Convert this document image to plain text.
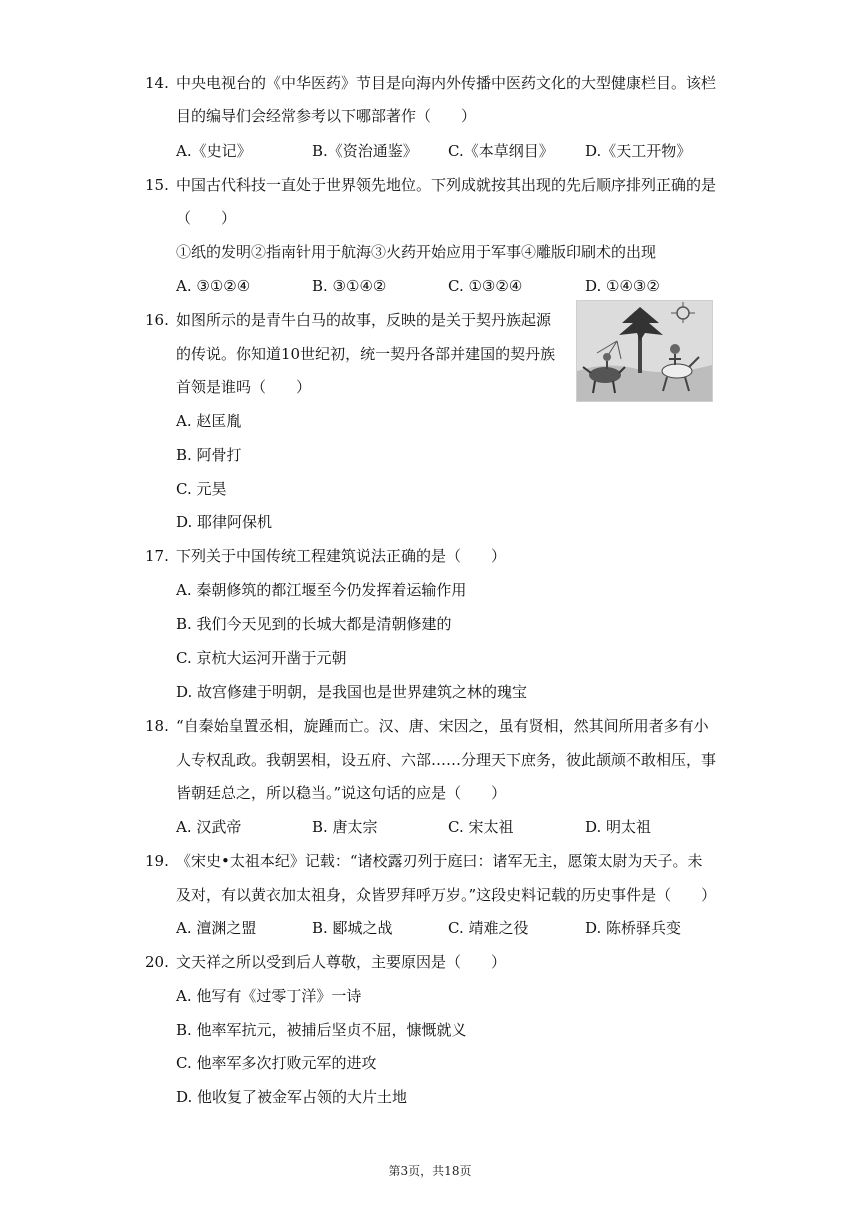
14. 中央电视台的《中华医药》节目是向海内外传播中医药文化的大型健康栏目。该栏
目的编导们会经常参考以下哪部著作（　　）
A.《史记》	B.《资治通鉴》 C.《本草纲目》 D.《天工开物》
15. 中国古代科技一直处于世界领先地位。下列成就按其出现的先后顺序排列正确的是
（　　）
①纸的发明②指南针用于航海③火药开始应用于军事④雕版印刷术的出现
A. ③①②④	B. ③①④②	C. ①③②④	D. ①④③②
16. 如图所示的是青牛白马的故事，反映的是关于契丹族起源
的传说。你知道10世纪初，统一契丹各部并建国的契丹族
首领是谁吗（　　）
A. 赵匡胤
B. 阿骨打
C. 元昊
D. 耶律阿保机
17. 下列关于中国传统工程建筑说法正确的是（　　）
A. 秦朝修筑的都江堰至今仍发挥着运输作用
B. 我们今天见到的长城大都是清朝修建的
C. 京杭大运河开凿于元朝
D. 故宫修建于明朝，是我国也是世界建筑之林的瑰宝
18. “自秦始皇置丞相，旋踵而亡。汉、唐、宋因之，虽有贤相，然其间所用者多有小
人专权乱政。我朝罢相，设五府、六部……分理天下庶务，彼此颉颃不敢相压，事
皆朝廷总之，所以稳当。”说这句话的应是（　　）
A. 汉武帝	B. 唐太宗	C. 宋太祖	D. 明太祖
19. 《宋史•太祖本纪》记载：“诸校露刃列于庭曰：诸军无主，愿策太尉为天子。未
及对，有以黄衣加太祖身，众皆罗拜呼万岁。”这段史料记载的历史事件是（　　）
A. 澶渊之盟	B. 郾城之战	C. 靖难之役	D. 陈桥驿兵变
20. 文天祥之所以受到后人尊敬，主要原因是（　　）
A. 他写有《过零丁洋》一诗
B. 他率军抗元，被捕后坚贞不屈，慷慨就义
C. 他率军多次打败元军的进攻
D. 他收复了被金军占领的大片土地
第3页，共18页
